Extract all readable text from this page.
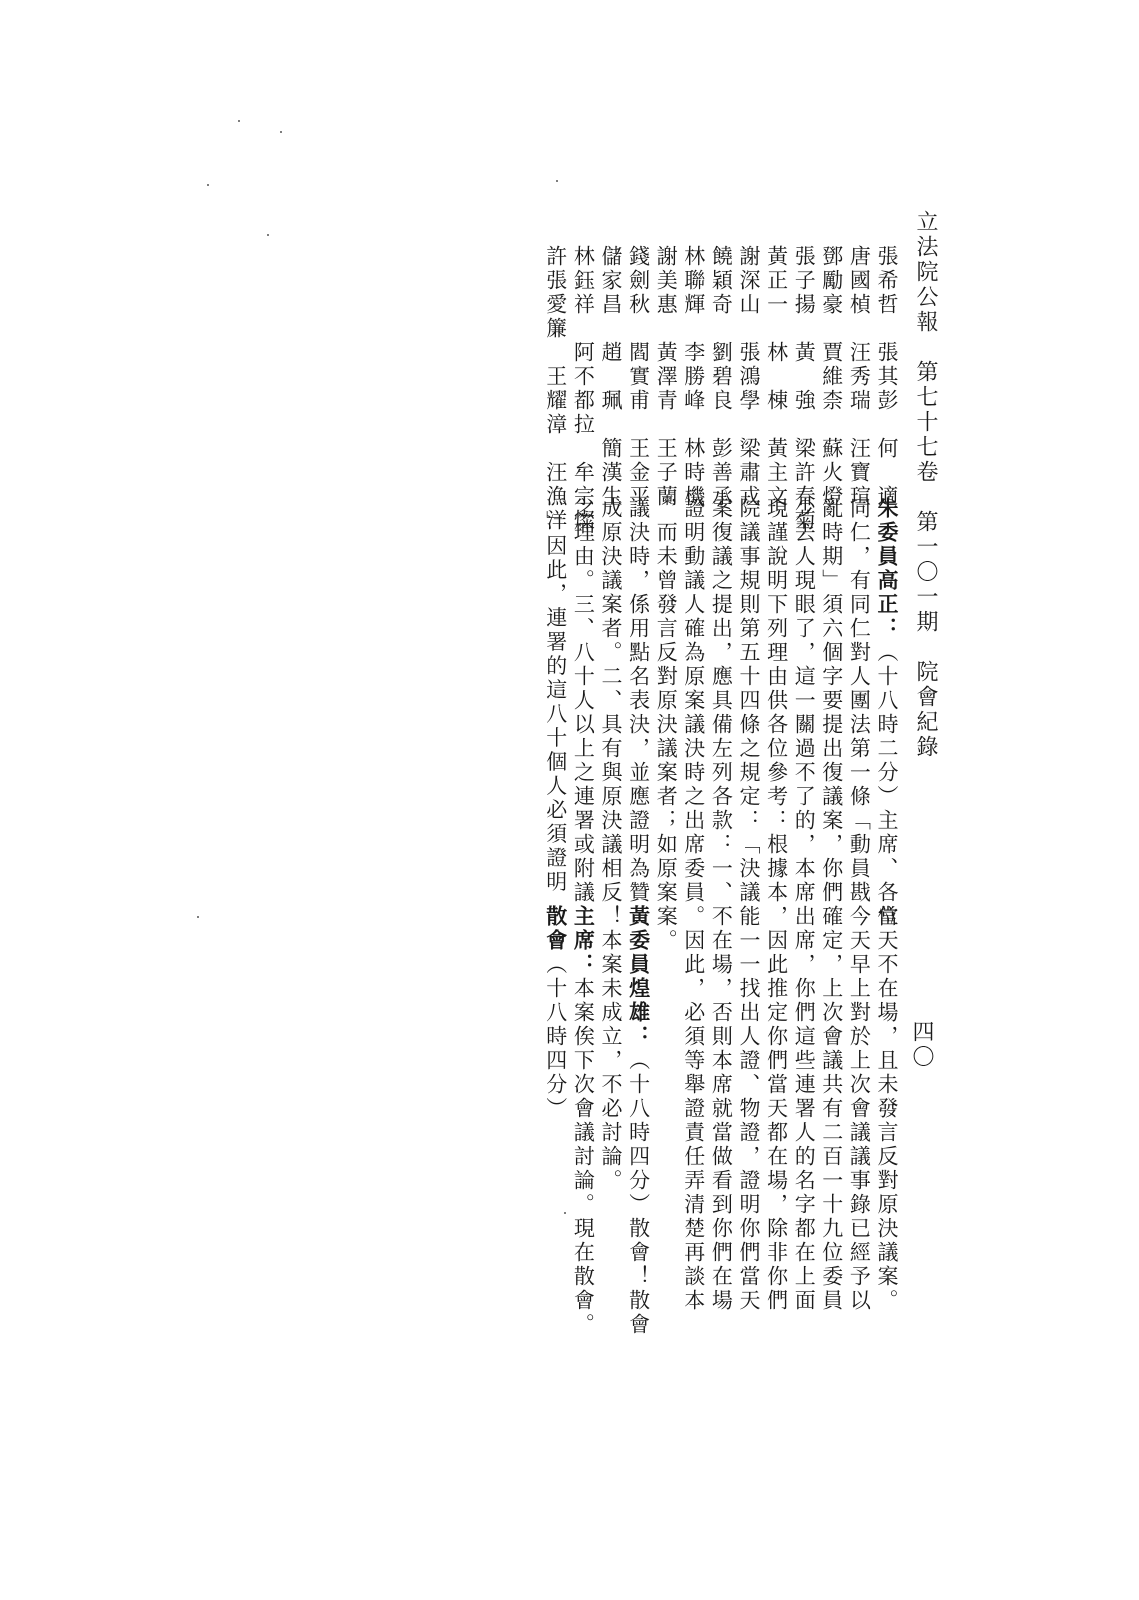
立法院公報　第七十七卷　第一〇一期　院會紀錄
四〇
張希哲　張其彭　何　適
唐國楨　汪秀瑞　汪寶瑄
鄧勵豪　賈維柰　蘇火燈
張子揚　黃　強　梁許春菊
黃正一　林　棟　黃主文
謝深山　張鴻學　梁肅戎
饒穎奇　劉碧良　彭善承
林聯輝　李勝峰　林時機
謝美惠　黃澤青　王子蘭
錢劍秋　閻實甫　王金平
儲家昌　趙　珮　簡漢生
林鈺祥　阿不都拉　牟宗燦
許張愛簾　王耀漳　汪漁洋
朱委員高正：（十八時二分）主席、各位
同仁，有同仁對人團法第一條「動員戡
亂時期」須六個字要提出復議案，你們
少丟人現眼了，這一關過不了的，本席
現謹說明下列理由供各位參考：根據本
院議事規則第五十四條之規定：「決議
案復議之提出，應具備左列各款：一、
證明動議人確為原案議決時之出席委員
，而未曾發言反對原決議案者；如原案
議決時，係用點名表決，並應證明為贊
成原決議案者。二、具有與原決議相反
之理由。三、八十人以上之連署或附議
。」因此，連署的這八十個人必須證明
當天不在場，且未發言反對原決議案。
今天早上對於上次會議議事錄已經予以
確定，上次會議共有二百一十九位委員
出席，你們這些連署人的名字都在上面
，因此推定你們當天都在場，除非你們
能一一找出人證、物證，證明你們當天
不在場，否則本席就當做看到你們在場
。因此，必須等舉證責任弄清楚再談本
案。
黃委員煌雄：（十八時四分）散會！散會
！本案未成立，不必討論。
主席：本案俟下次會議討論。現在散會。
散會（十八時四分）
